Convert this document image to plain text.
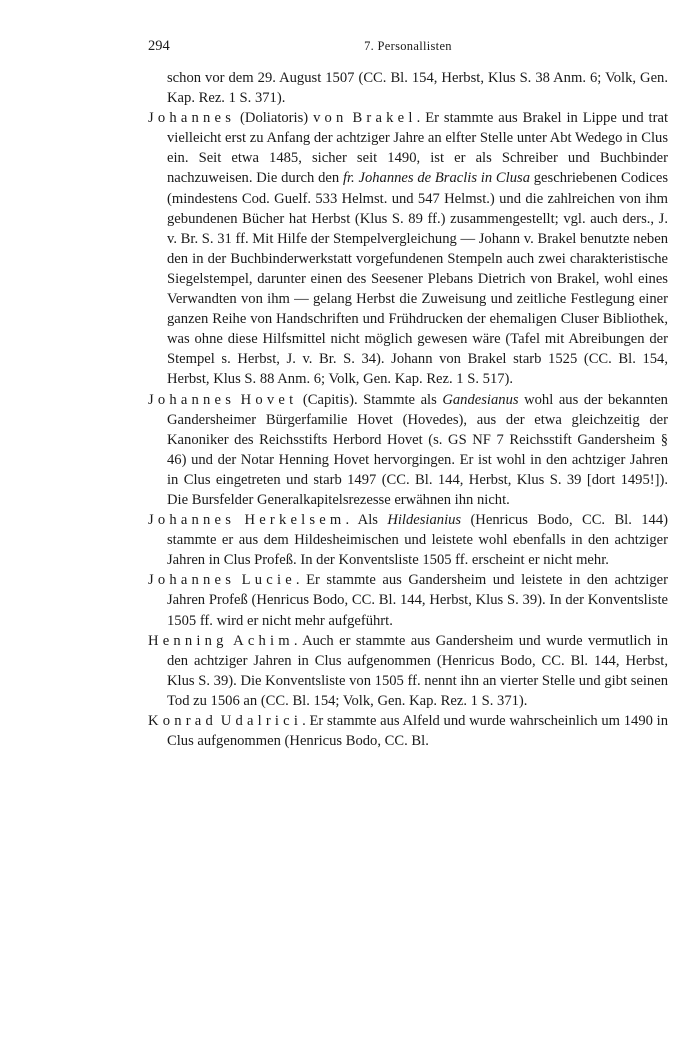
294	7. Personallisten

schon vor dem 29. August 1507 (CC. Bl. 154, Herbst, Klus S. 38 Anm. 6; Volk, Gen. Kap. Rez. 1 S. 371).

Johannes (Doliatoris) von Brakel. Er stammte aus Brakel in Lippe und trat vielleicht erst zu Anfang der achtziger Jahre an elfter Stelle unter Abt Wedego in Clus ein. Seit etwa 1485, sicher seit 1490, ist er als Schreiber und Buchbinder nachzuweisen. Die durch den fr. Johannes de Braclis in Clusa geschriebenen Codices (mindestens Cod. Guelf. 533 Helmst. und 547 Helmst.) und die zahlreichen von ihm gebundenen Bücher hat Herbst (Klus S. 89 ff.) zusammengestellt; vgl. auch ders., J. v. Br. S. 31 ff. Mit Hilfe der Stempelvergleichung — Johann v. Brakel benutzte neben den in der Buchbinderwerkstatt vorgefundenen Stempeln auch zwei charakteristische Siegelstempel, darunter einen des Seesener Plebans Dietrich von Brakel, wohl eines Verwandten von ihm — gelang Herbst die Zuweisung und zeitliche Festlegung einer ganzen Reihe von Handschriften und Frühdrucken der ehemaligen Cluser Bibliothek, was ohne diese Hilfsmittel nicht möglich gewesen wäre (Tafel mit Abreibungen der Stempel s. Herbst, J. v. Br. S. 34). Johann von Brakel starb 1525 (CC. Bl. 154, Herbst, Klus S. 88 Anm. 6; Volk, Gen. Kap. Rez. 1 S. 517).

Johannes Hovet (Capitis). Stammte als Gandesianus wohl aus der bekannten Gandersheimer Bürgerfamilie Hovet (Hovedes), aus der etwa gleichzeitig der Kanoniker des Reichsstifts Herbord Hovet (s. GS NF 7 Reichsstift Gandersheim § 46) und der Notar Henning Hovet hervorgingen. Er ist wohl in den achtziger Jahren in Clus eingetreten und starb 1497 (CC. Bl. 144, Herbst, Klus S. 39 [dort 1495!]). Die Bursfelder Generalkapitelsrezesse erwähnen ihn nicht.

Johannes Herkelsem. Als Hildesianius (Henricus Bodo, CC. Bl. 144) stammte er aus dem Hildesheimischen und leistete wohl ebenfalls in den achtziger Jahren in Clus Profeß. In der Konventsliste 1505 ff. erscheint er nicht mehr.

Johannes Lucie. Er stammte aus Gandersheim und leistete in den achtziger Jahren Profeß (Henricus Bodo, CC. Bl. 144, Herbst, Klus S. 39). In der Konventsliste 1505 ff. wird er nicht mehr aufgeführt.

Henning Achim. Auch er stammte aus Gandersheim und wurde vermutlich in den achtziger Jahren in Clus aufgenommen (Henricus Bodo, CC. Bl. 144, Herbst, Klus S. 39). Die Konventsliste von 1505 ff. nennt ihn an vierter Stelle und gibt seinen Tod zu 1506 an (CC. Bl. 154; Volk, Gen. Kap. Rez. 1 S. 371).

Konrad Udalrici. Er stammte aus Alfeld und wurde wahrscheinlich um 1490 in Clus aufgenommen (Henricus Bodo, CC. Bl.
